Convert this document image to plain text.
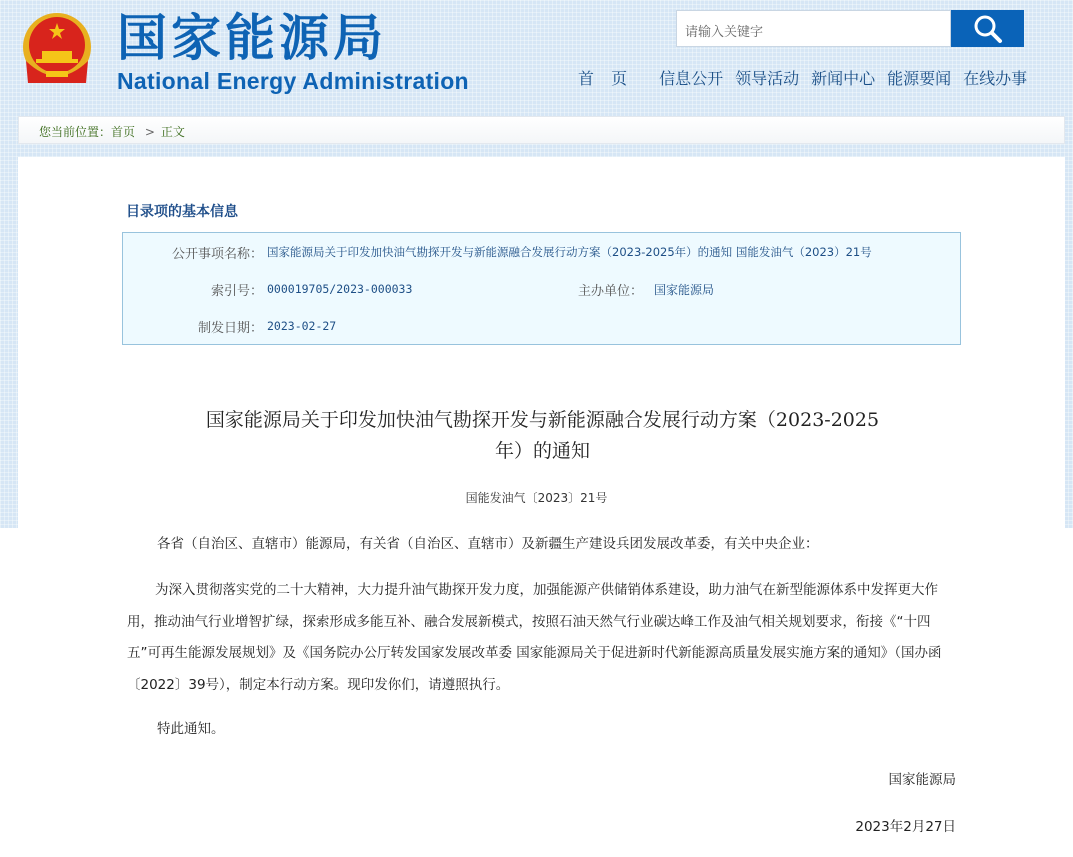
国家能源局
National Energy Administration
请输入关键字
首 页 信息公开 领导活动 新闻中心 能源要闻 在线办事
您当前位置：首页 > 正文
目录项的基本信息
公开事项名称： 国家能源局关于印发加快油气勘探开发与新能源融合发展行动方案（2023-2025年）的通知 国能发油气（2023）21号
索引号： 000019705/2023-000033	主办单位： 国家能源局
制发日期： 2023-02-27
国家能源局关于印发加快油气勘探开发与新能源融合发展行动方案（2023-2025
年）的通知
国能发油气〔2023〕21号
各省（自治区、直辖市）能源局，有关省（自治区、直辖市）及新疆生产建设兵团发展改革委，有关中央企业：
为深入贯彻落实党的二十大精神，大力提升油气勘探开发力度，加强能源产供储销体系建设，助力油气在新型能源体系中发挥更大作用，推动油气行业增智扩绿，探索形成多能互补、融合发展新模式，按照石油天然气行业碳达峰工作及油气相关规划要求，衔接《“十四五”可再生能源发展规划》及《国务院办公厅转发国家发展改革委 国家能源局关于促进新时代新能源高质量发展实施方案的通知》（国办函〔2022〕39号），制定本行动方案。现印发你们，请遵照执行。
特此通知。
国家能源局
2023年2月27日
